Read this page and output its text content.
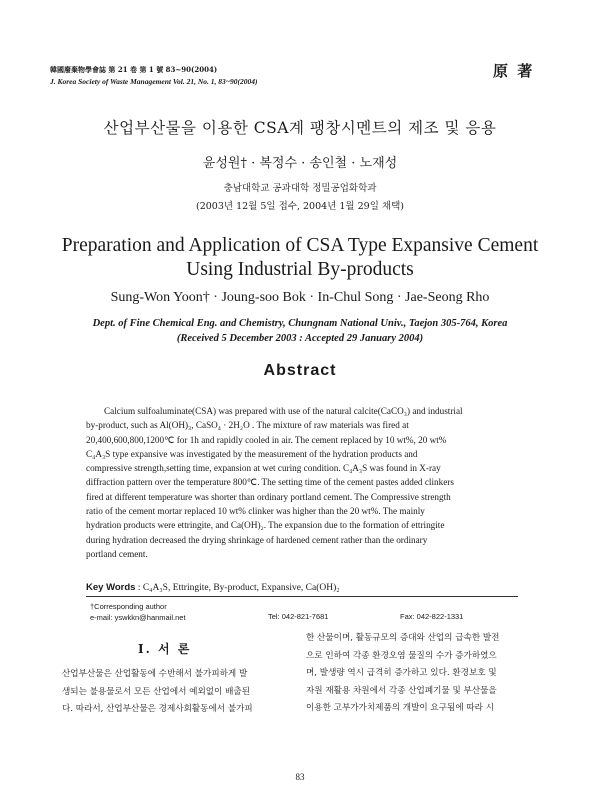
韓國廢棄物學會誌 第 21 卷 第 1 號 83~90(2004)
J. Korea Society of Waste Management Vol. 21, No. 1, 83~90(2004)
原 著
산업부산물을 이용한 CSA계 팽창시멘트의 제조 및 응용
윤성원† · 복정수 · 송인철 · 노재성
충남대학교 공과대학 정밀공업화학과
(2003년 12월 5일 접수, 2004년 1월 29일 채택)
Preparation and Application of CSA Type Expansive Cement
Using Industrial By-products
Sung-Won Yoon† · Joung-soo Bok · In-Chul Song · Jae-Seong Rho
Dept. of Fine Chemical Eng. and Chemistry, Chungnam National Univ., Taejon 305-764, Korea
(Received 5 December 2003 : Accepted 29 January 2004)
Abstract
Calcium sulfoaluminate(CSA) was prepared with use of the natural calcite(CaCO₃) and industrial
by-product, such as Al(OH)₃, CaSO₄ · 2H₂O . The mixture of raw materials was fired at
20,400,600,800,1200℃ for 1h and rapidly cooled in air. The cement replaced by 10 wt%, 20 wt%
C₄A₃S type expansive was investigated by the measurement of the hydration products and
compressive strength,setting time, expansion at wet curing condition. C₄A₃S was found in X-ray
diffraction pattern over the temperature 800℃. The setting time of the cement pastes added clinkers
fired at different temperature was shorter than ordinary portland cement. The Compressive strength
ratio of the cement mortar replaced 10 wt% clinker was higher than the 20 wt%. The mainly
hydration products were ettringite, and Ca(OH)₂. The expansion due to the formation of ettringite
during hydration decreased the drying shrinkage of hardened cement rather than the ordinary
portland cement.
Key Words : C₄A₃S, Ettringite, By-product, Expansive, Ca(OH)₂
†Corresponding author
e-mail: yswkkn@hanmail.net	Tel: 042-821-7681	Fax: 042-822-1331
Ⅰ. 서 론
산업부산물은 산업활동에 수반해서 불가피하게 발
생되는 불용물로서 모든 산업에서 예외없이 배출된
다. 따라서, 산업부산물은 경제사회활동에서 불가피
한 산물이며, 활동규모의 증대와 산업의 급속한 발전
으로 인하여 각종 환경오염 물질의 수가 증가하였으
며, 발생량 역시 급격히 증가하고 있다. 환경보호 및
자원 재활용 차원에서 각종 산업폐기물 및 부산물을
이용한 고부가가치제품의 개발이 요구됨에 따라 시
83
